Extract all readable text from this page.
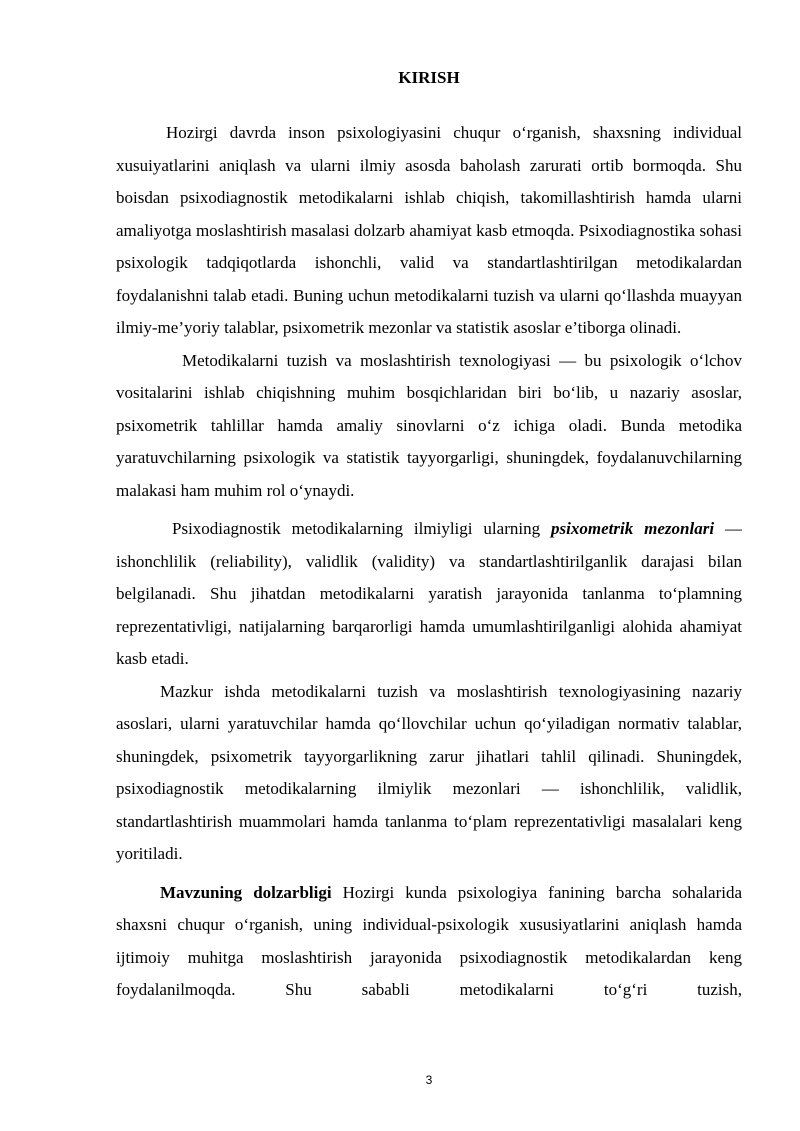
KIRISH

Hozirgi davrda inson psixologiyasini chuqur o‘rganish, shaxsning individual xusuiyatlarini aniqlash va ularni ilmiy asosda baholash zarurati ortib bormoqda. Shu boisdan psixodiagnostik metodikalarni ishlab chiqish, takomillashtirish hamda ularni amaliyotga moslashtirish masalasi dolzarb ahamiyat kasb etmoqda. Psixodiagnostika sohasi psixologik tadqiqotlarda ishonchli, valid va standartlashtirilgan metodikalardan foydalanishni talab etadi. Buning uchun metodikalarni tuzish va ularni qo‘llashda muayyan ilmiy-me’yoriy talablar, psixometrik mezonlar va statistik asoslar e’tiborga olinadi.

Metodikalarni tuzish va moslashtirish texnologiyasi — bu psixologik o‘lchov vositalarini ishlab chiqishning muhim bosqichlaridan biri bo‘lib, u nazariy asoslar, psixometrik tahlillar hamda amaliy sinovlarni o‘z ichiga oladi. Bunda metodika yaratuvchilarning psixologik va statistik tayyorgarligi, shuningdek, foydalanuvchilarning malakasi ham muhim rol o‘ynaydi.

Psixodiagnostik metodikalarning ilmiyligi ularning psixometrik mezonlari — ishonchlilik (reliability), validlik (validity) va standartlashtirilganlik darajasi bilan belgilanadi. Shu jihatdan metodikalarni yaratish jarayonida tanlanma to‘plamning reprezentativligi, natijalarning barqarorligi hamda umumlashtirilganligi alohida ahamiyat kasb etadi.

Mazkur ishda metodikalarni tuzish va moslashtirish texnologiyasining nazariy asoslari, ularni yaratuvchilar hamda qo‘llovchilar uchun qo‘yiladigan normativ talablar, shuningdek, psixometrik tayyorgarlikning zarur jihatlari tahlil qilinadi. Shuningdek, psixodiagnostik metodikalarning ilmiylik mezonlari — ishonchlilik, validlik, standartlashtirish muammolari hamda tanlanma to‘plam reprezentativligi masalalari keng yoritiladi.

Mavzuning dolzarbligi Hozirgi kunda psixologiya fanining barcha sohalarida shaxsni chuqur o‘rganish, uning individual-psixologik xususiyatlarini aniqlash hamda ijtimoiy muhitga moslashtirish jarayonida psixodiagnostik metodikalardan keng foydalanilmoqda. Shu sababli metodikalarni to‘g‘ri tuzish,

3
